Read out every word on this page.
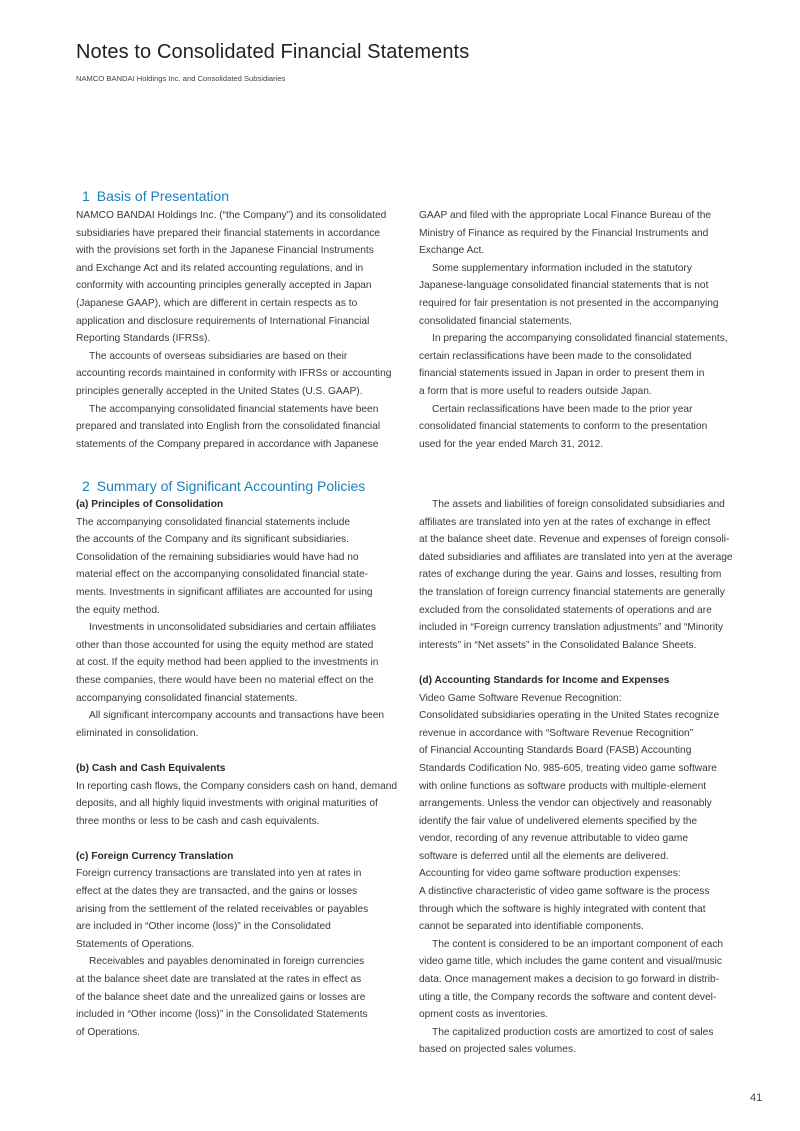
Notes to Consolidated Financial Statements
NAMCO BANDAI Holdings Inc. and Consolidated Subsidiaries
1 Basis of Presentation
NAMCO BANDAI Holdings Inc. (“the Company”) and its consolidated
subsidiaries have prepared their financial statements in accordance
with the provisions set forth in the Japanese Financial Instruments
and Exchange Act and its related accounting regulations, and in
conformity with accounting principles generally accepted in Japan
(Japanese GAAP), which are different in certain respects as to
application and disclosure requirements of International Financial
Reporting Standards (IFRSs).
The accounts of overseas subsidiaries are based on their
accounting records maintained in conformity with IFRSs or accounting
principles generally accepted in the United States (U.S. GAAP).
The accompanying consolidated financial statements have been
prepared and translated into English from the consolidated financial
statements of the Company prepared in accordance with Japanese
GAAP and filed with the appropriate Local Finance Bureau of the
Ministry of Finance as required by the Financial Instruments and
Exchange Act.
Some supplementary information included in the statutory
Japanese-language consolidated financial statements that is not
required for fair presentation is not presented in the accompanying
consolidated financial statements.
In preparing the accompanying consolidated financial statements,
certain reclassifications have been made to the consolidated
financial statements issued in Japan in order to present them in
a form that is more useful to readers outside Japan.
Certain reclassifications have been made to the prior year
consolidated financial statements to conform to the presentation
used for the year ended March 31, 2012.
2 Summary of Significant Accounting Policies
(a) Principles of Consolidation
The accompanying consolidated financial statements include
the accounts of the Company and its significant subsidiaries.
Consolidation of the remaining subsidiaries would have had no
material effect on the accompanying consolidated financial state-
ments. Investments in significant affiliates are accounted for using
the equity method.
Investments in unconsolidated subsidiaries and certain affiliates
other than those accounted for using the equity method are stated
at cost. If the equity method had been applied to the investments in
these companies, there would have been no material effect on the
accompanying consolidated financial statements.
All significant intercompany accounts and transactions have been
eliminated in consolidation.
(b) Cash and Cash Equivalents
In reporting cash flows, the Company considers cash on hand, demand
deposits, and all highly liquid investments with original maturities of
three months or less to be cash and cash equivalents.
(c) Foreign Currency Translation
Foreign currency transactions are translated into yen at rates in
effect at the dates they are transacted, and the gains or losses
arising from the settlement of the related receivables or payables
are included in “Other income (loss)” in the Consolidated
Statements of Operations.
Receivables and payables denominated in foreign currencies
at the balance sheet date are translated at the rates in effect as
of the balance sheet date and the unrealized gains or losses are
included in “Other income (loss)” in the Consolidated Statements
of Operations.
The assets and liabilities of foreign consolidated subsidiaries and
affiliates are translated into yen at the rates of exchange in effect
at the balance sheet date. Revenue and expenses of foreign consoli-
dated subsidiaries and affiliates are translated into yen at the average
rates of exchange during the year. Gains and losses, resulting from
the translation of foreign currency financial statements are generally
excluded from the consolidated statements of operations and are
included in “Foreign currency translation adjustments” and “Minority
interests” in “Net assets” in the Consolidated Balance Sheets.
(d) Accounting Standards for Income and Expenses
Video Game Software Revenue Recognition:
Consolidated subsidiaries operating in the United States recognize
revenue in accordance with “Software Revenue Recognition”
of Financial Accounting Standards Board (FASB) Accounting
Standards Codification No. 985-605, treating video game software
with online functions as software products with multiple-element
arrangements. Unless the vendor can objectively and reasonably
identify the fair value of undelivered elements specified by the
vendor, recording of any revenue attributable to video game
software is deferred until all the elements are delivered.
Accounting for video game software production expenses:
A distinctive characteristic of video game software is the process
through which the software is highly integrated with content that
cannot be separated into identifiable components.
The content is considered to be an important component of each
video game title, which includes the game content and visual/music
data. Once management makes a decision to go forward in distrib-
uting a title, the Company records the software and content devel-
opment costs as inventories.
The capitalized production costs are amortized to cost of sales
based on projected sales volumes.
41
